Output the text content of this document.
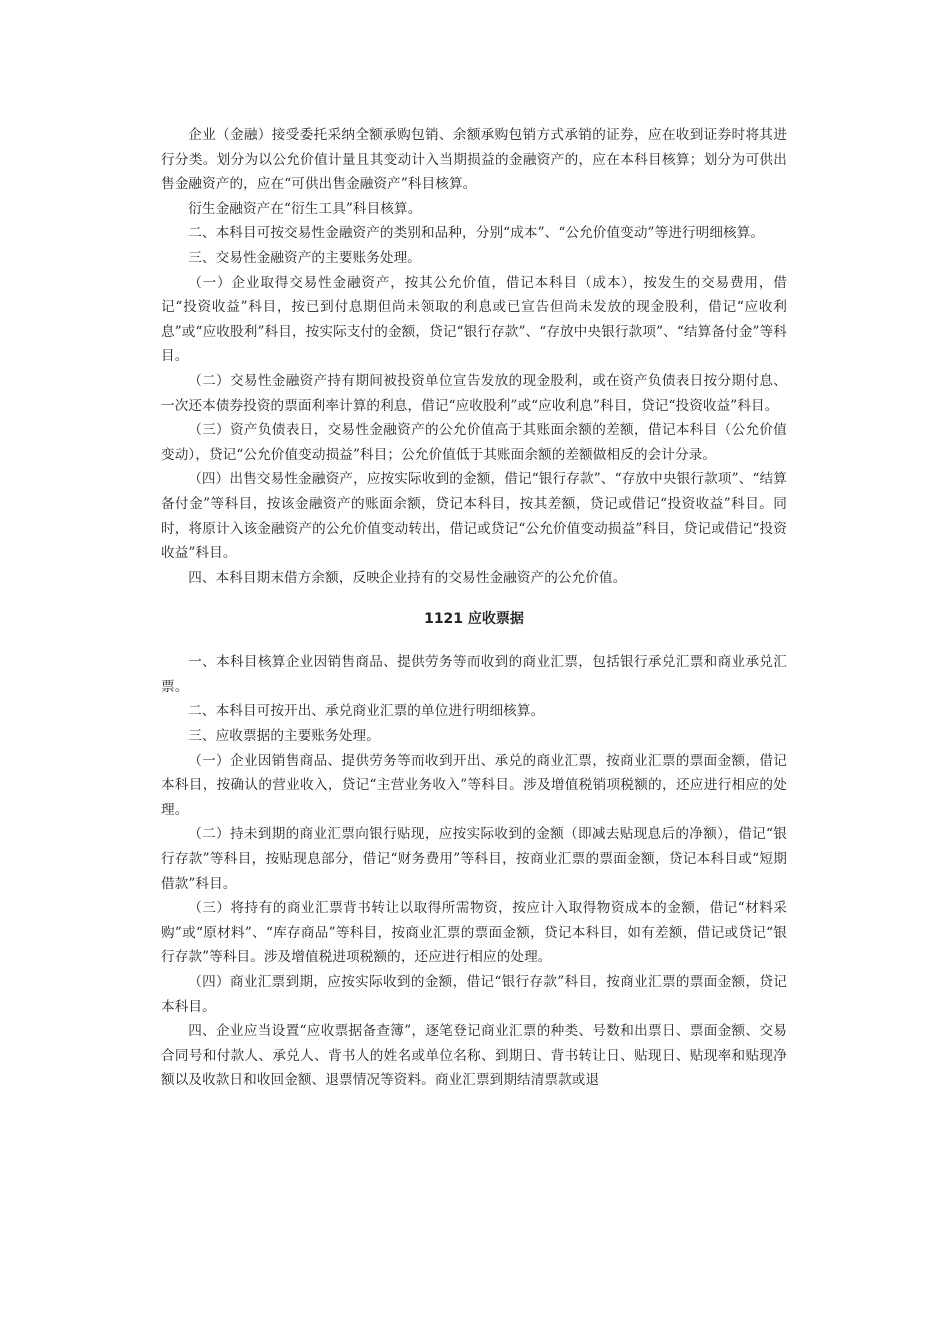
企业（金融）接受委托采纳全额承购包销、余额承购包销方式承销的证券，应在收到证券时将其进行分类。划分为以公允价值计量且其变动计入当期损益的金融资产的，应在本科目核算；划分为可供出售金融资产的，应在“可供出售金融资产”科目核算。

衍生金融资产在“衍生工具”科目核算。

二、本科目可按交易性金融资产的类别和品种，分别“成本”、“公允价值变动”等进行明细核算。

三、交易性金融资产的主要账务处理。

（一）企业取得交易性金融资产，按其公允价值，借记本科目（成本），按发生的交易费用，借记“投资收益”科目，按已到付息期但尚未领取的利息或已宣告但尚未发放的现金股利，借记“应收利息”或“应收股利”科目，按实际支付的金额，贷记“银行存款”、“存放中央银行款项”、“结算备付金”等科目。

（二）交易性金融资产持有期间被投资单位宣告发放的现金股利，或在资产负债表日按分期付息、一次还本债券投资的票面利率计算的利息，借记“应收股利”或“应收利息”科目，贷记“投资收益”科目。

（三）资产负债表日，交易性金融资产的公允价值高于其账面余额的差额，借记本科目（公允价值变动），贷记“公允价值变动损益”科目；公允价值低于其账面余额的差额做相反的会计分录。

（四）出售交易性金融资产，应按实际收到的金额，借记“银行存款”、“存放中央银行款项”、“结算备付金”等科目，按该金融资产的账面余额，贷记本科目，按其差额，贷记或借记“投资收益”科目。同时，将原计入该金融资产的公允价值变动转出，借记或贷记“公允价值变动损益”科目，贷记或借记“投资收益”科目。

四、本科目期末借方余额，反映企业持有的交易性金融资产的公允价值。

1121 应收票据

一、本科目核算企业因销售商品、提供劳务等而收到的商业汇票，包括银行承兑汇票和商业承兑汇票。

二、本科目可按开出、承兑商业汇票的单位进行明细核算。

三、应收票据的主要账务处理。

（一）企业因销售商品、提供劳务等而收到开出、承兑的商业汇票，按商业汇票的票面金额，借记本科目，按确认的营业收入，贷记“主营业务收入”等科目。涉及增值税销项税额的，还应进行相应的处理。

（二）持未到期的商业汇票向银行贴现，应按实际收到的金额（即减去贴现息后的净额），借记“银行存款”等科目，按贴现息部分，借记“财务费用”等科目，按商业汇票的票面金额，贷记本科目或“短期借款”科目。

（三）将持有的商业汇票背书转让以取得所需物资，按应计入取得物资成本的金额，借记“材料采购”或“原材料”、“库存商品”等科目，按商业汇票的票面金额，贷记本科目，如有差额，借记或贷记“银行存款”等科目。涉及增值税进项税额的，还应进行相应的处理。

（四）商业汇票到期，应按实际收到的金额，借记“银行存款”科目，按商业汇票的票面金额，贷记本科目。

四、企业应当设置“应收票据备查簿”，逐笔登记商业汇票的种类、号数和出票日、票面金额、交易合同号和付款人、承兑人、背书人的姓名或单位名称、到期日、背书转让日、贴现日、贴现率和贴现净额以及收款日和收回金额、退票情况等资料。商业汇票到期结清票款或退
